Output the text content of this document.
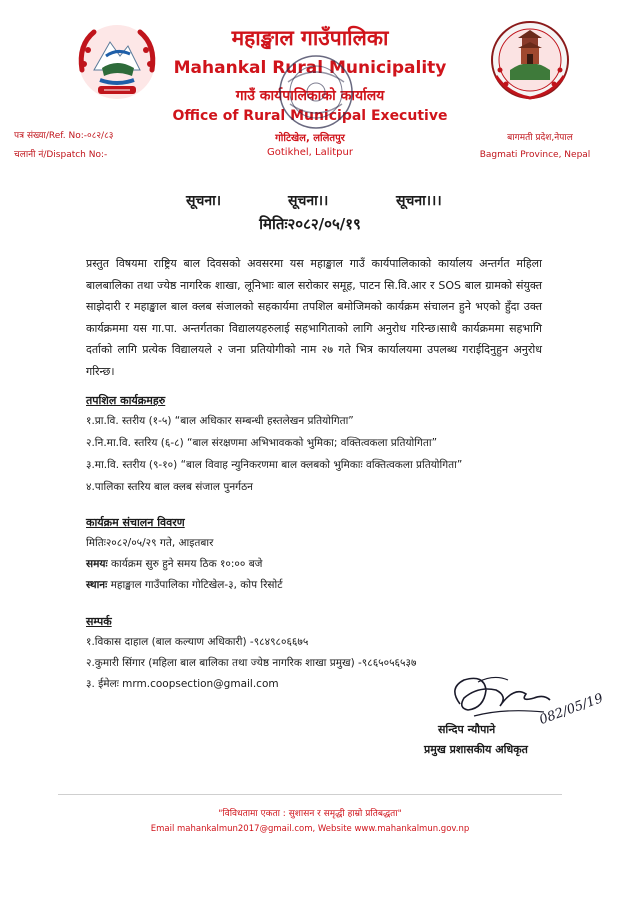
महाङ्खाल गाउँपालिका
Mahankal Rural Municipality
गाउँ कार्यपालिकाको कार्यालय
Office of Rural Municipal Executive
गोटिखेल, ललितपुर
Gotikhel, Lalitpur
पत्र संख्या/Ref. No:-०८२/८३
चलानी नं/Dispatch No:-
बागमती प्रदेश,नेपाल
Bagmati Province, Nepal
सूचना।	सूचना।।	सूचना।।।
मितिः२०८२/०५/१९

प्रस्तुत विषयमा राष्ट्रिय बाल दिवसको अवसरमा यस महाङ्खाल गाउँ कार्यपालिकाको कार्यालय अन्तर्गत महिला बालबालिका तथा ज्येष्ठ नागरिक शाखा, लूनिभाः बाल सरोकार समूह, पाटन सि.वि.आर र SOS बाल ग्रामको संयुक्त साझेदारी र महाङ्खाल बाल क्लब संजालको सहकार्यमा तपशिल बमोजिमको कार्यक्रम संचालन हुने भएको हुँदा उक्त कार्यक्रममा यस गा.पा. अन्तर्गतका विद्यालयहरुलाई सहभागिताको लागि अनुरोध गरिन्छ।साथै कार्यक्रममा सहभागि दर्ताको लागि प्रत्येक विद्यालयले २ जना प्रतियोगीको नाम २७ गते भित्र कार्यालयमा उपलब्ध गराईदिनुहुन अनुरोध गरिन्छ।

तपशिल कार्यक्रमहरु
१.प्रा.वि. स्तरीय (१-५) “बाल अधिकार सम्बन्धी हस्तलेखन प्रतियोगिता”
२.नि.मा.वि. स्तरिय (६-८) “बाल संरक्षणमा अभिभावकको भुमिका; वक्तित्वकला प्रतियोगिता”
३.मा.वि. स्तरीय (९-१०) “बाल विवाह न्युनिकरणमा बाल क्लबको भुमिकाः वक्तित्वकला प्रतियोगिता”
४.पालिका स्तरिय बाल क्लब संजाल पुनर्गठन
कार्यक्रम संचालन विवरण
मितिः२०८२/०५/२९ गते, आइतबार
समयः कार्यक्रम सुरु हुने समय ठिक १०:०० बजे
स्थानः महाङ्खाल गाउँपालिका गोटिखेल-३, कोप रिसोर्ट
सम्पर्क
१.विकास दाहाल (बाल कल्याण अधिकारी) -९८४९८०६६७५
२.कुमारी सिंगार (महिला बाल बालिका तथा ज्येष्ठ नागरिक शाखा प्रमुख) -९८६५०५६५३७
३. ईमेलः mrm.coopsection@gmail.com
082/05/19
सन्दिप न्यौपाने
प्रमुख प्रशासकीय अधिकृत
"विविधतामा एकता : सुशासन र समृद्धी हाम्रो प्रतिबद्धता"
Email mahankalmun2017@gmail.com, Website www.mahankalmun.gov.np
